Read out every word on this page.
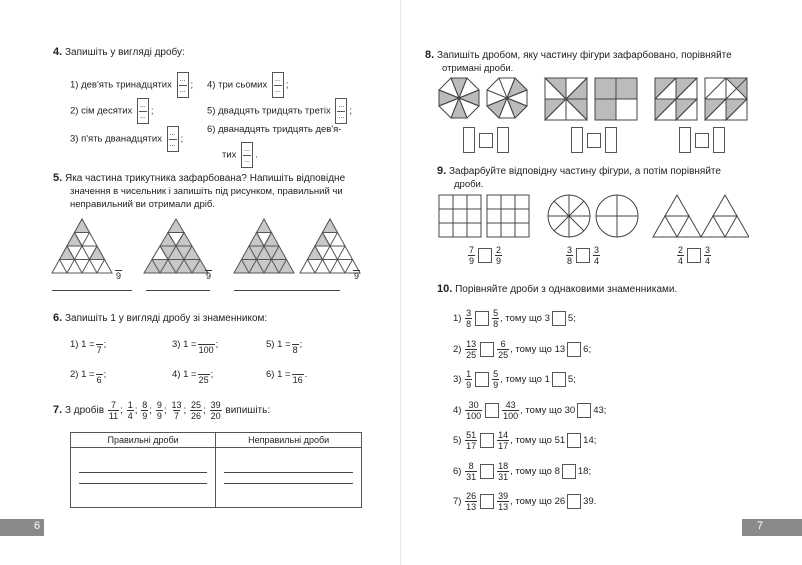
4. Запишіть у вигляді дробу:
1) дев'ять тринадцятих
...
... ; 4) три сьомих
...
... ;
2) сім десятих
...
... ;	5) двадцять тридцять третіх
...
... ;
3) п'ять дванадцятих
...
... ;
6) дванадцять тридцять дев'я-
тих
...
... .
5. Яка частина трикутника зафарбована? Напишіть відповідне
значення в чисельник і запишіть під рисунком, правильний чи
неправильний ви отримали дріб.
9	9	9
6. Запишіть 1 у вигляді дробу зі знаменником:
1) 1 = 7 ;	3) 1 = 100 ;	5) 1 = 8 ;
2) 1 = 6 ;	4) 1 = 25 ;	6) 1 = 16 .
7. З дробів $\frac{7}{11}$ ; $\frac{1}{4}$ ; $\frac{8}{9}$ ; $\frac{9}{9}$ ; $\frac{13}{7}$ ; $\frac{25}{26}$ ; $\frac{39}{20}$ випишіть:
Правильні дроби	Неправильні дроби

6
8. Запишіть дробом, яку частину фігури зафарбовано, порівняйте
отримані дроби.
9. Зафарбуйте відповідну частину фігури, а потім порівняйте
дроби.
$\frac{7}{9} \frac{2}{9}$	$\frac{3}{8} \frac{3}{4}$	$\frac{2}{4} \frac{3}{4}$
10. Порівняйте дроби з однаковими знаменниками.
$1) \frac{3}{8} \frac{5}{8}$ , тому що 3 5;
$2) \frac{13}{25} \frac{6}{25}$ , тому що 13 6;
$3) \frac{1}{9} \frac{5}{9}$ , тому що 1 5;
$4) \frac{30}{100} \frac{43}{100}$ , тому що 30 43;
$5) \frac{51}{17} \frac{14}{17}$ , тому що 51 14;
$6) \frac{8}{31} \frac{18}{31}$ , тому що 8 18;
$7) \frac{26}{13} \frac{39}{13}$ , тому що 26 39.
7
